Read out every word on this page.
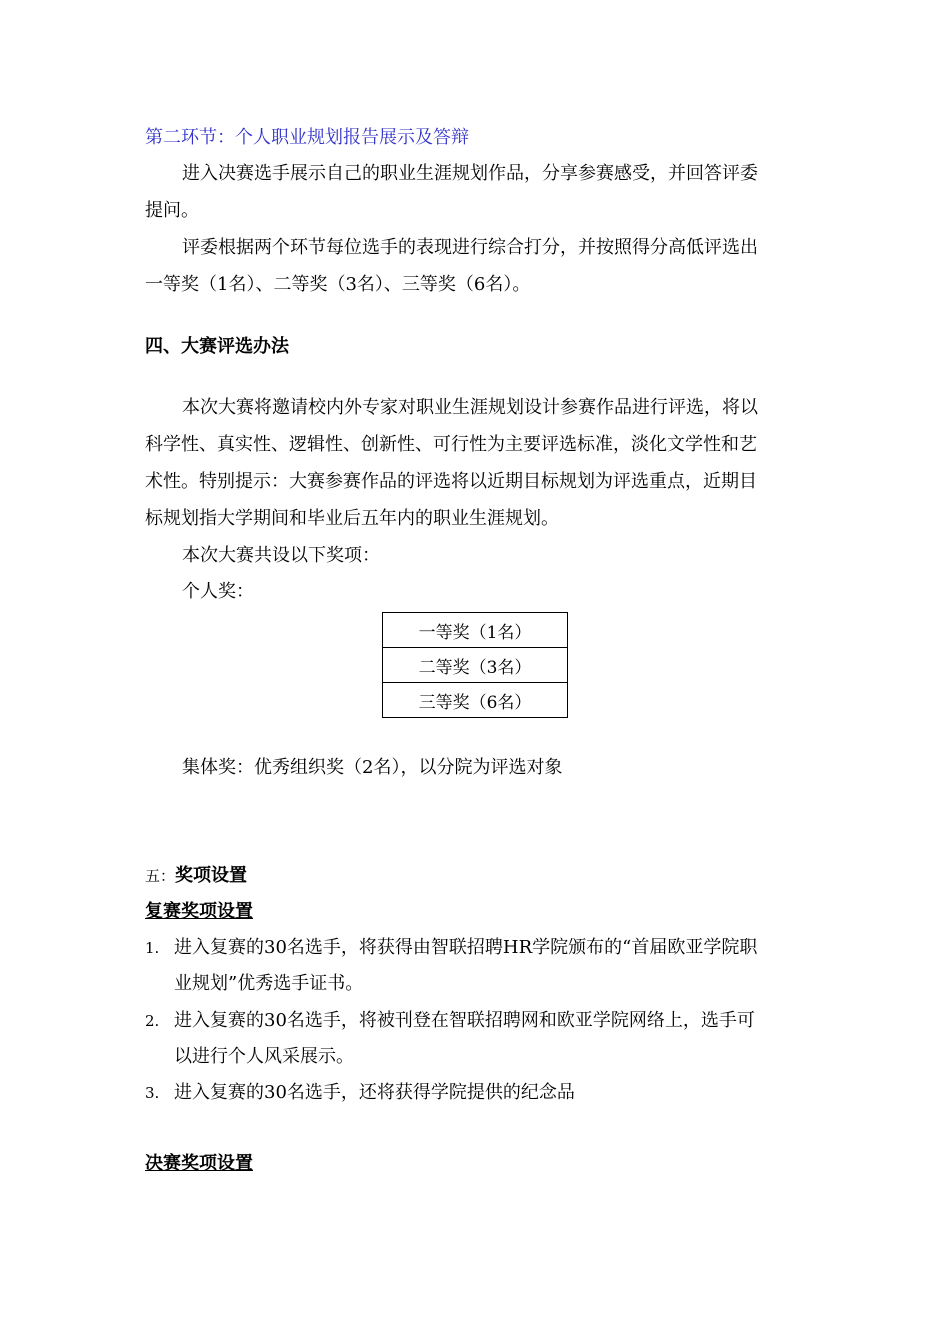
第二环节：个人职业规划报告展示及答辩
进入决赛选手展示自己的职业生涯规划作品，分享参赛感受，并回答评委
提问。
评委根据两个环节每位选手的表现进行综合打分，并按照得分高低评选出
一等奖（1名）、二等奖（3名）、三等奖（6名）。
四、大赛评选办法
本次大赛将邀请校内外专家对职业生涯规划设计参赛作品进行评选，将以
科学性、真实性、逻辑性、创新性、可行性为主要评选标准，淡化文学性和艺
术性。特别提示：大赛参赛作品的评选将以近期目标规划为评选重点，近期目
标规划指大学期间和毕业后五年内的职业生涯规划。
本次大赛共设以下奖项：
个人奖：
一等奖（1名）
二等奖（3名）
三等奖（6名）
集体奖：优秀组织奖（2名），以分院为评选对象
五：奖项设置
复赛奖项设置
1. 进入复赛的30名选手，将获得由智联招聘HR学院颁布的“首届欧亚学院职
业规划”优秀选手证书。
2. 进入复赛的30名选手，将被刊登在智联招聘网和欧亚学院网络上，选手可
以进行个人风采展示。
3. 进入复赛的30名选手，还将获得学院提供的纪念品
决赛奖项设置
